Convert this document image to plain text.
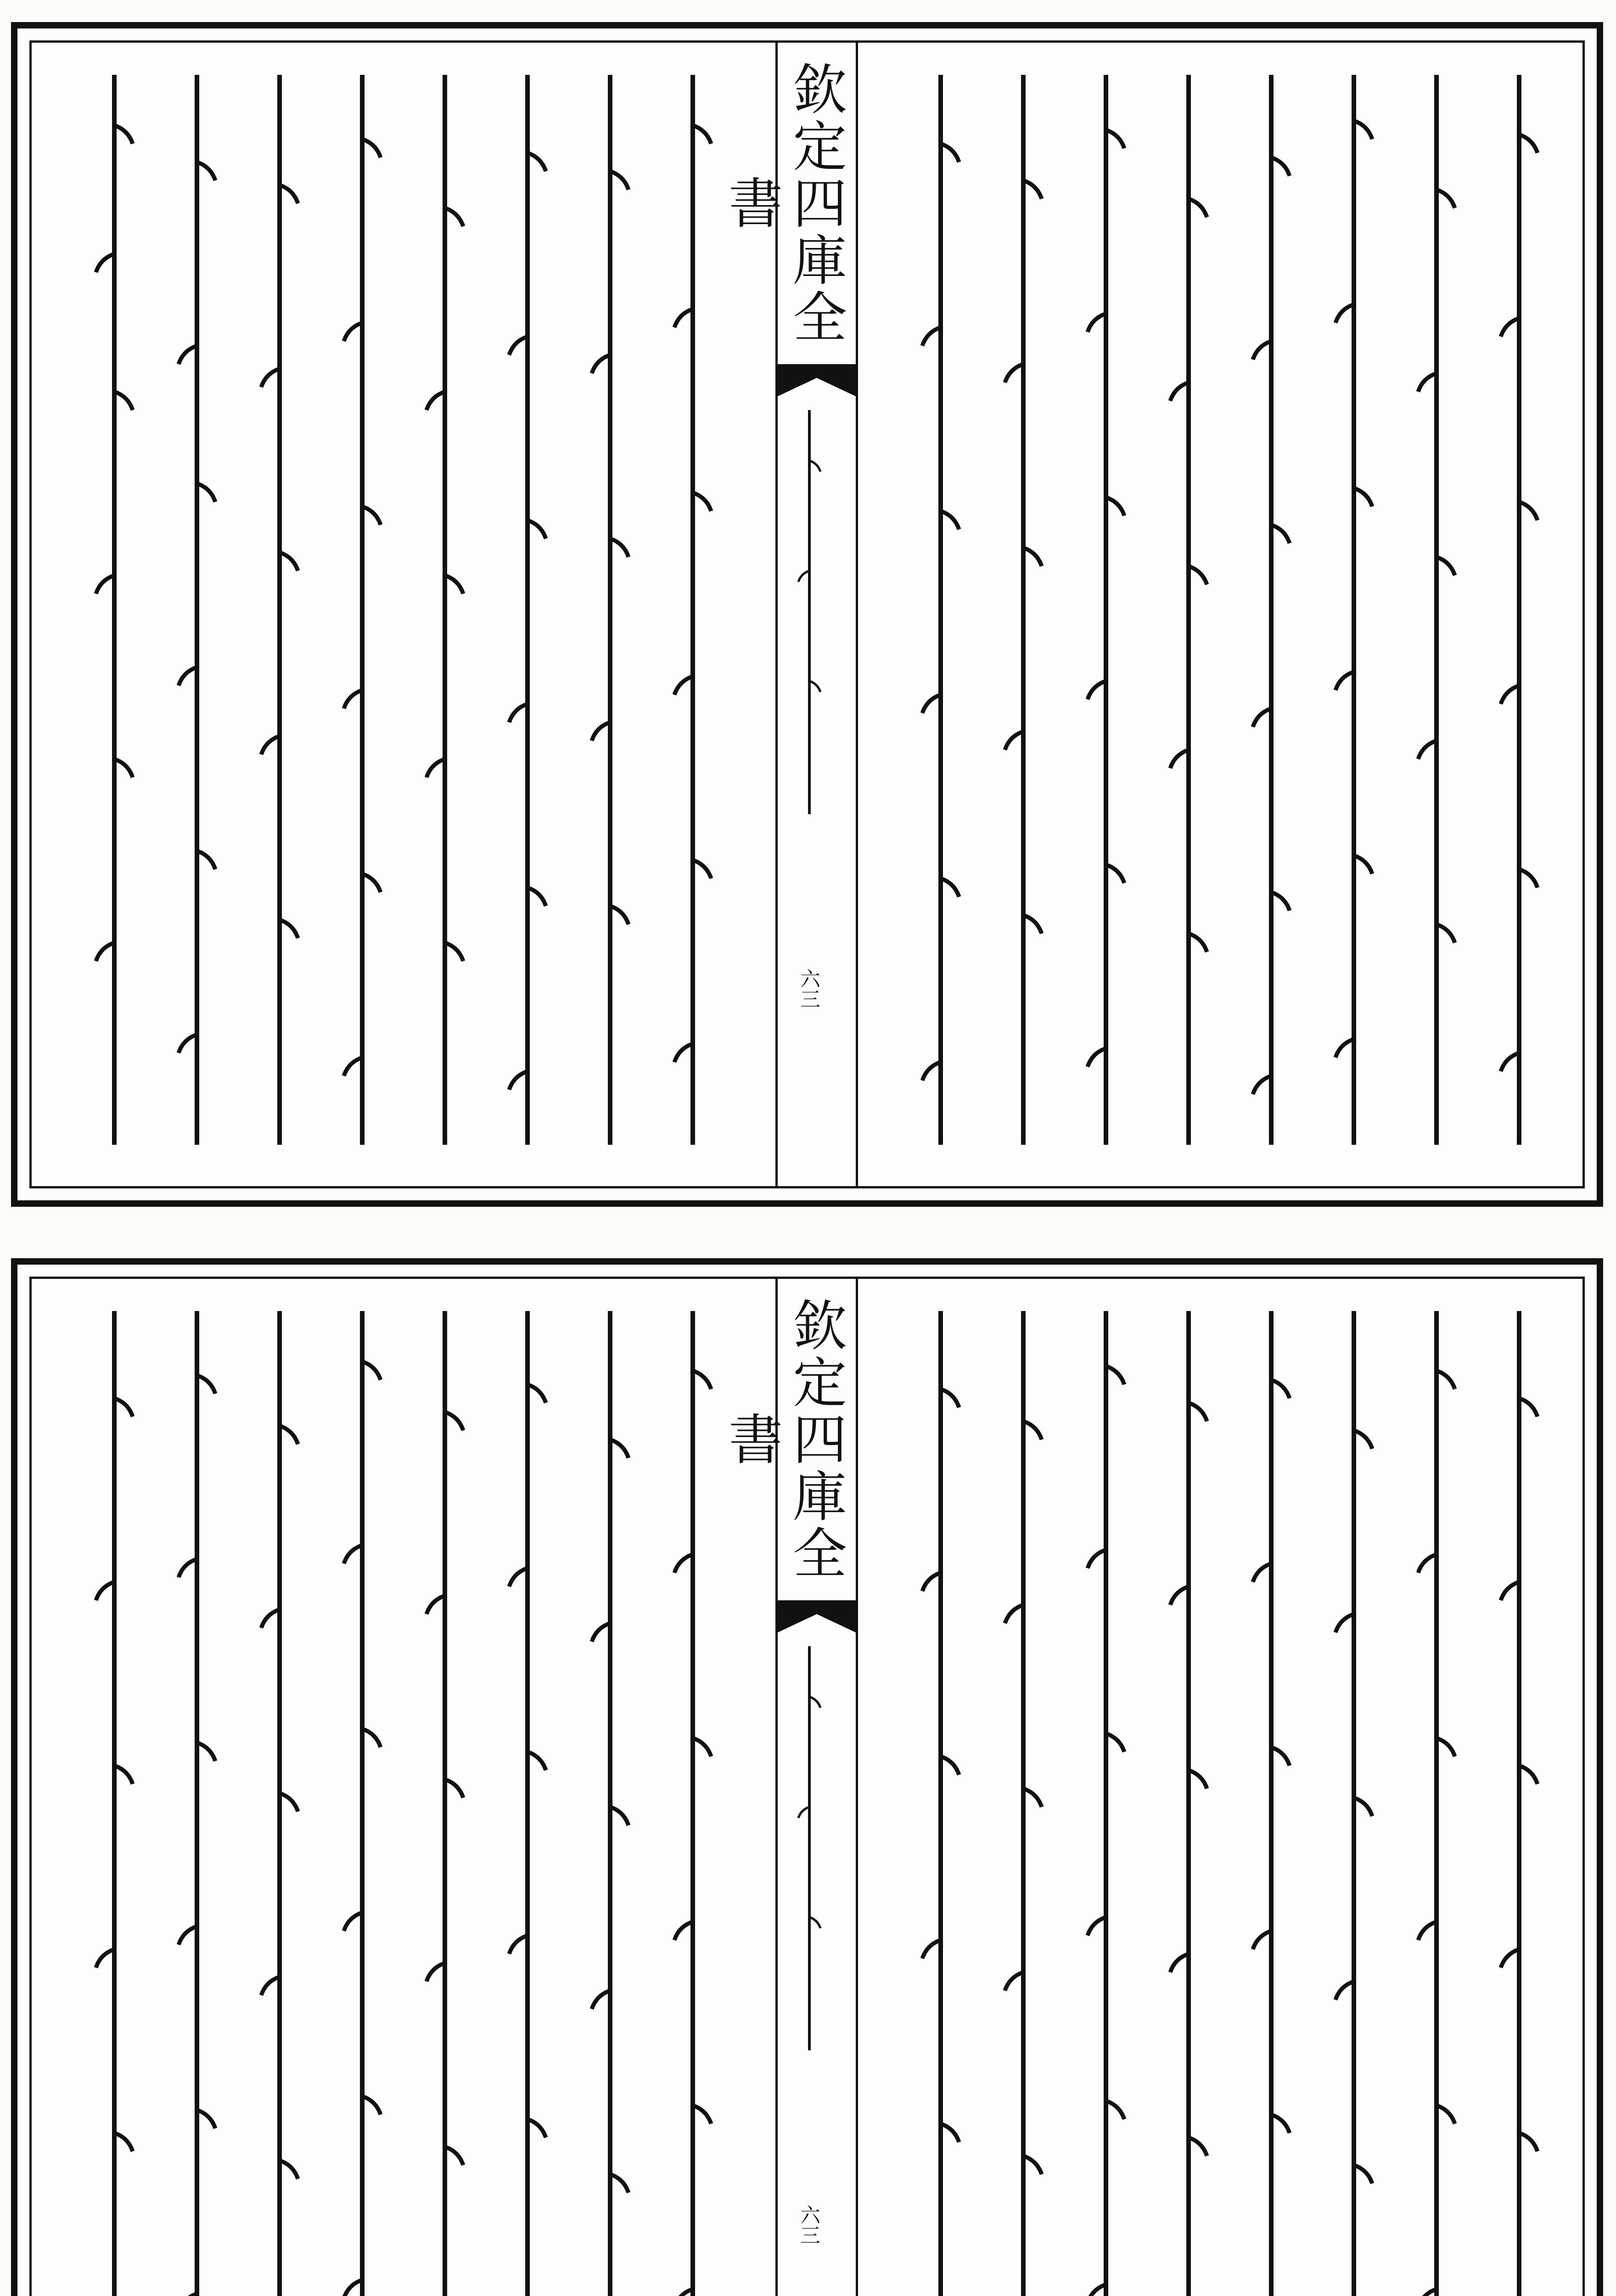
欽定四庫全書
六三
欽定四庫全書
六三
